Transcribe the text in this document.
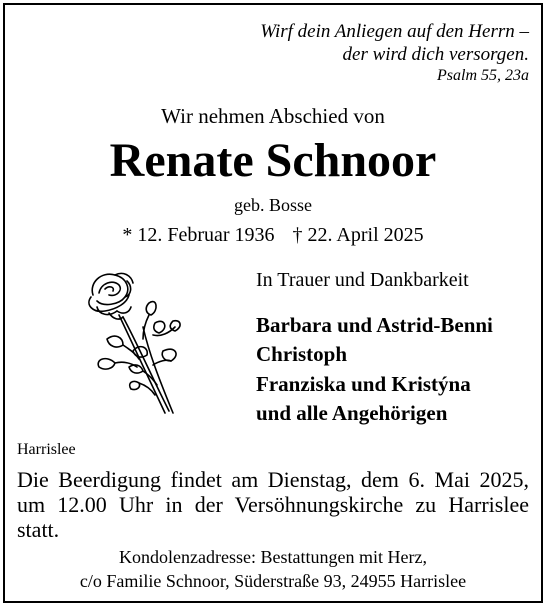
Wirf dein Anliegen auf den Herrn –
der wird dich versorgen.
Psalm 55, 23a
Wir nehmen Abschied von
Renate Schnoor
geb. Bosse
* 12. Februar 1936 † 22. April 2025
In Trauer und Dankbarkeit
Barbara und Astrid-Benni
Christoph
Franziska und Kristýna
und alle Angehörigen
Harrislee
Die Beerdigung findet am Dienstag, dem 6. Mai 2025, um 12.00 Uhr in der Versöhnungskirche zu Harrislee
statt.
Kondolenzadresse: Bestattungen mit Herz,
c/o Familie Schnoor, Süderstraße 93, 24955 Harrislee
